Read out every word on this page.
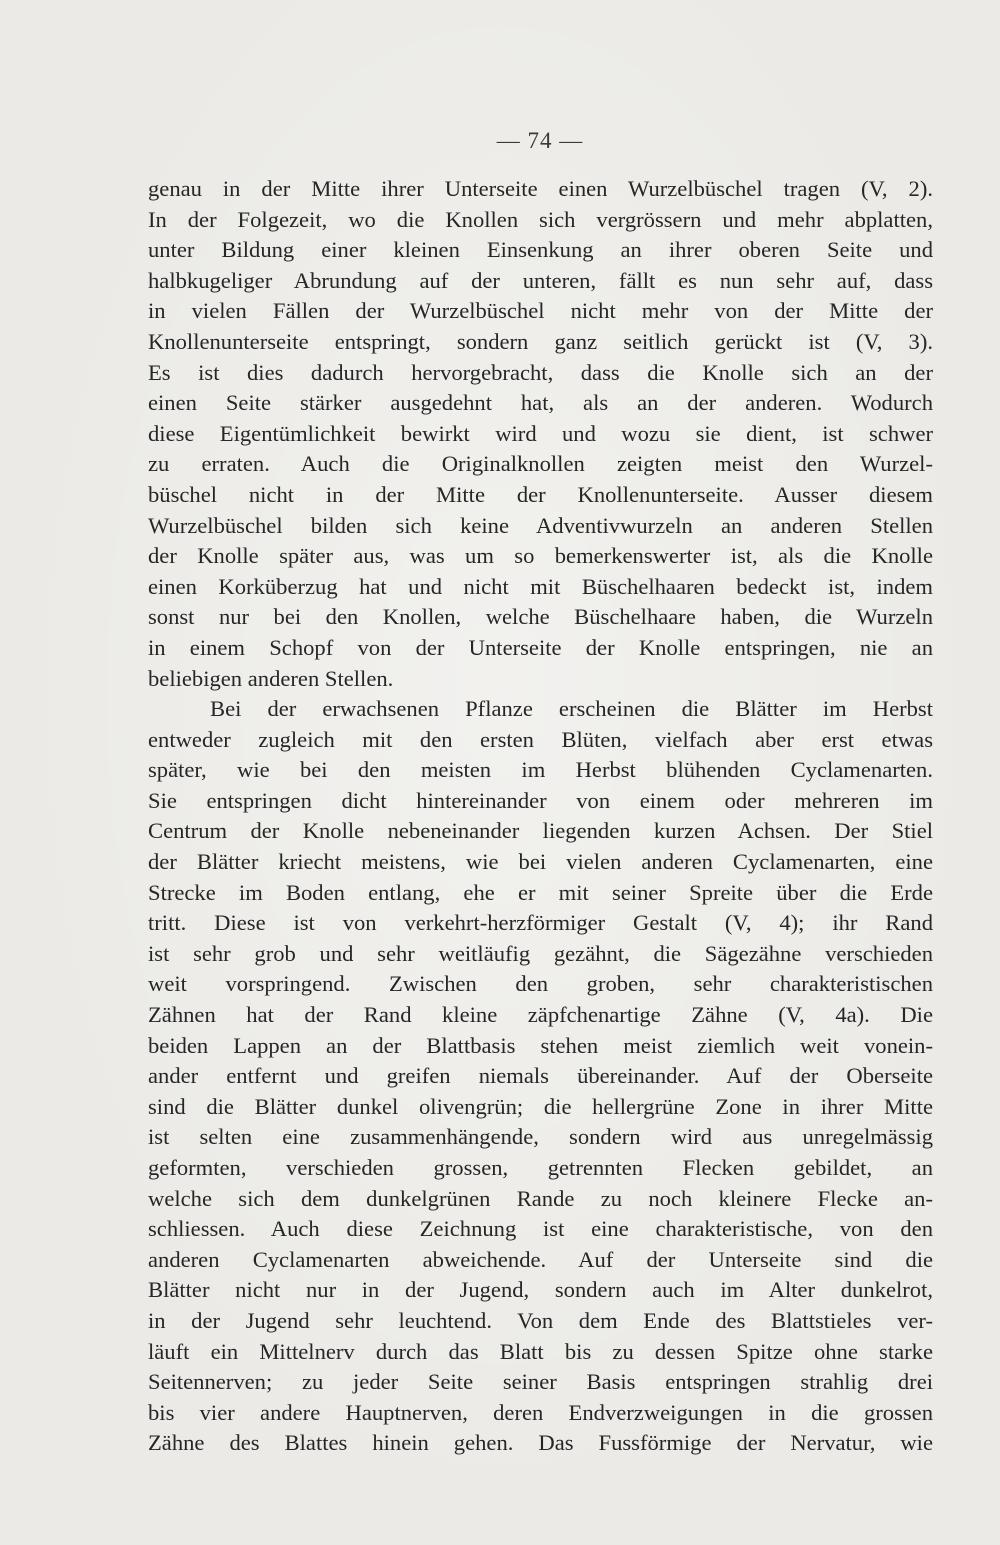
— 74 —
genau in der Mitte ihrer Unterseite einen Wurzelbüschel tragen (V, 2).
In der Folgezeit, wo die Knollen sich vergrössern und mehr abplatten,
unter Bildung einer kleinen Einsenkung an ihrer oberen Seite und
halbkugeliger Abrundung auf der unteren, fällt es nun sehr auf, dass
in vielen Fällen der Wurzelbüschel nicht mehr von der Mitte der
Knollenunterseite entspringt, sondern ganz seitlich gerückt ist (V, 3).
Es ist dies dadurch hervorgebracht, dass die Knolle sich an der
einen Seite stärker ausgedehnt hat, als an der anderen. Wodurch
diese Eigentümlichkeit bewirkt wird und wozu sie dient, ist schwer
zu erraten. Auch die Originalknollen zeigten meist den Wurzel-
büschel nicht in der Mitte der Knollenunterseite. Ausser diesem
Wurzelbüschel bilden sich keine Adventivwurzeln an anderen Stellen
der Knolle später aus, was um so bemerkenswerter ist, als die Knolle
einen Korküberzug hat und nicht mit Büschelhaaren bedeckt ist, indem
sonst nur bei den Knollen, welche Büschelhaare haben, die Wurzeln
in einem Schopf von der Unterseite der Knolle entspringen, nie an
beliebigen anderen Stellen.
Bei der erwachsenen Pflanze erscheinen die Blätter im Herbst
entweder zugleich mit den ersten Blüten, vielfach aber erst etwas
später, wie bei den meisten im Herbst blühenden Cyclamenarten.
Sie entspringen dicht hintereinander von einem oder mehreren im
Centrum der Knolle nebeneinander liegenden kurzen Achsen. Der Stiel
der Blätter kriecht meistens, wie bei vielen anderen Cyclamenarten, eine
Strecke im Boden entlang, ehe er mit seiner Spreite über die Erde
tritt. Diese ist von verkehrt-herzförmiger Gestalt (V, 4); ihr Rand
ist sehr grob und sehr weitläufig gezähnt, die Sägezähne verschieden
weit vorspringend. Zwischen den groben, sehr charakteristischen
Zähnen hat der Rand kleine zäpfchenartige Zähne (V, 4a). Die
beiden Lappen an der Blattbasis stehen meist ziemlich weit vonein-
ander entfernt und greifen niemals übereinander. Auf der Oberseite
sind die Blätter dunkel olivengrün; die hellergrüne Zone in ihrer Mitte
ist selten eine zusammenhängende, sondern wird aus unregelmässig
geformten, verschieden grossen, getrennten Flecken gebildet, an
welche sich dem dunkelgrünen Rande zu noch kleinere Flecke an-
schliessen. Auch diese Zeichnung ist eine charakteristische, von den
anderen Cyclamenarten abweichende. Auf der Unterseite sind die
Blätter nicht nur in der Jugend, sondern auch im Alter dunkelrot,
in der Jugend sehr leuchtend. Von dem Ende des Blattstieles ver-
läuft ein Mittelnerv durch das Blatt bis zu dessen Spitze ohne starke
Seitennerven; zu jeder Seite seiner Basis entspringen strahlig drei
bis vier andere Hauptnerven, deren Endverzweigungen in die grossen
Zähne des Blattes hinein gehen. Das Fussförmige der Nervatur, wie
